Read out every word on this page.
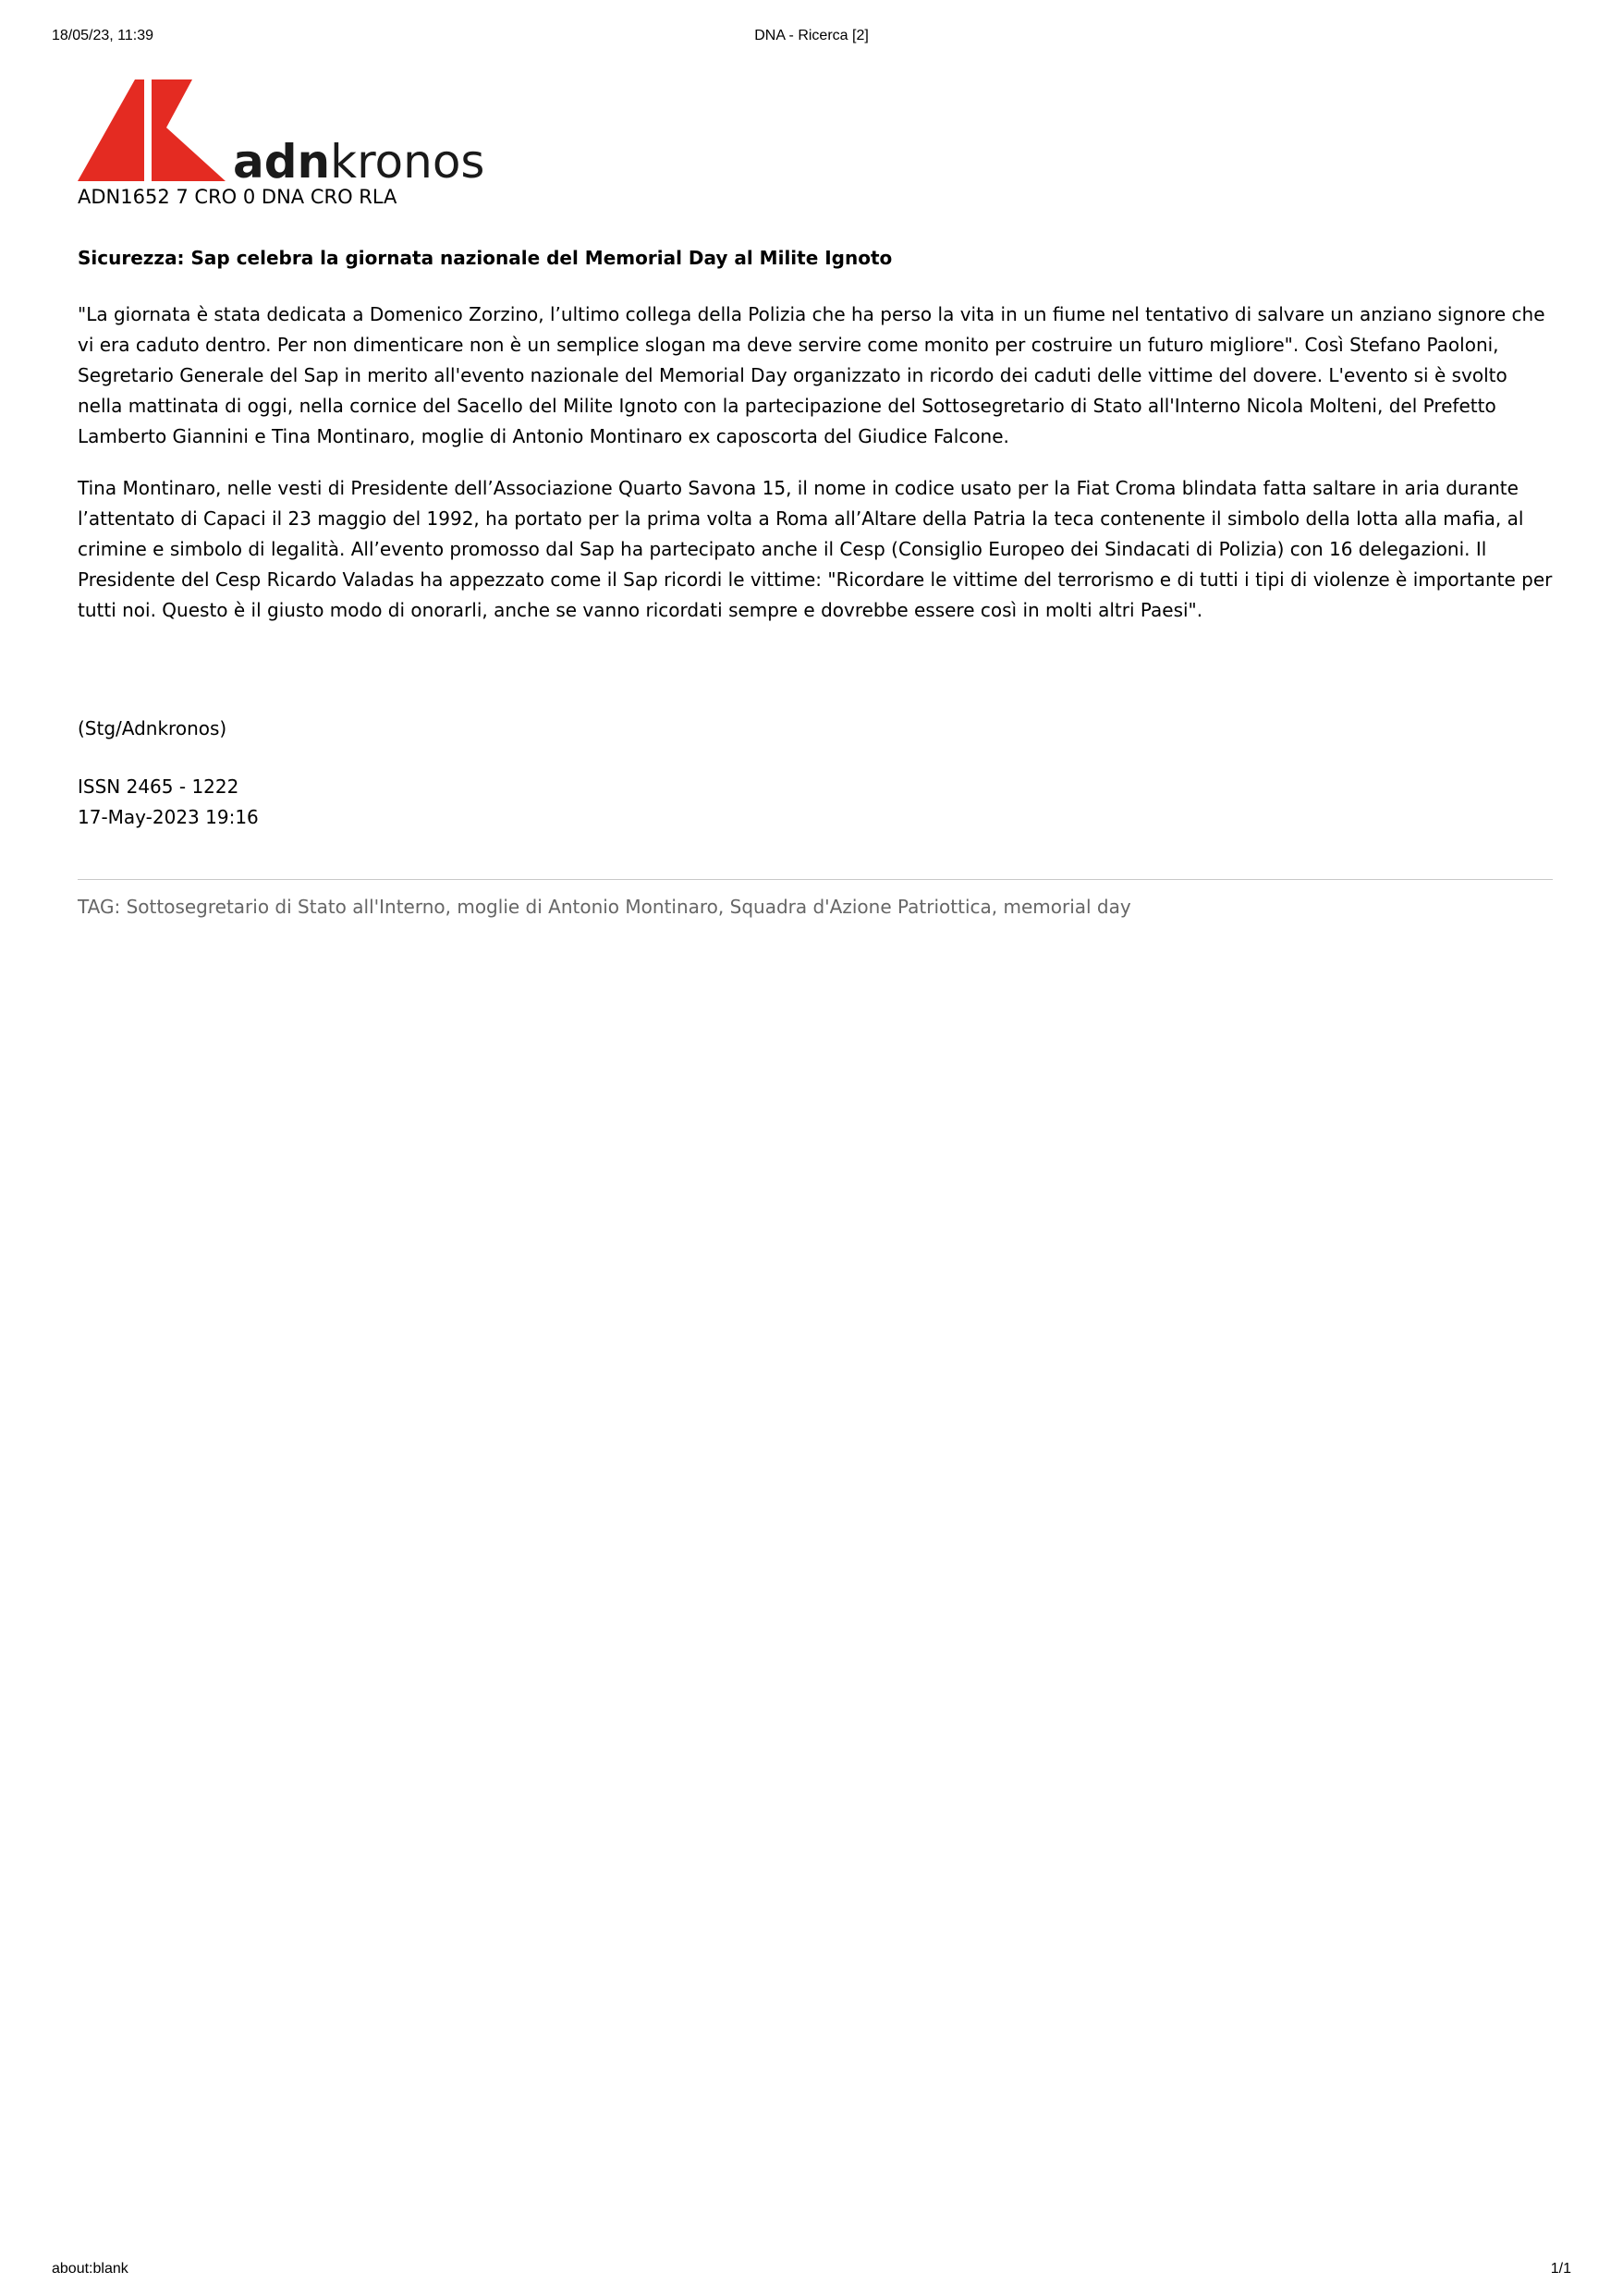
18/05/23, 11:39	DNA - Ricerca [2]
adnkronos
ADN1652 7 CRO 0 DNA CRO RLA
Sicurezza: Sap celebra la giornata nazionale del Memorial Day al Milite Ignoto
"La giornata è stata dedicata a Domenico Zorzino, l’ultimo collega della Polizia che ha perso la vita in un fiume nel tentativo di salvare un anziano signore che vi era caduto dentro. Per non dimenticare non è un semplice slogan ma deve servire come monito per costruire un futuro migliore". Così Stefano Paoloni, Segretario Generale del Sap in merito all'evento nazionale del Memorial Day organizzato in ricordo dei caduti delle vittime del dovere. L'evento si è svolto nella mattinata di oggi, nella cornice del Sacello del Milite Ignoto con la partecipazione del Sottosegretario di Stato all'Interno Nicola Molteni, del Prefetto Lamberto Giannini e Tina Montinaro, moglie di Antonio Montinaro ex caposcorta del Giudice Falcone.
Tina Montinaro, nelle vesti di Presidente dell’Associazione Quarto Savona 15, il nome in codice usato per la Fiat Croma blindata fatta saltare in aria durante l’attentato di Capaci il 23 maggio del 1992, ha portato per la prima volta a Roma all’Altare della Patria la teca contenente il simbolo della lotta alla mafia, al crimine e simbolo di legalità. All’evento promosso dal Sap ha partecipato anche il Cesp (Consiglio Europeo dei Sindacati di Polizia) con 16 delegazioni. Il Presidente del Cesp Ricardo Valadas ha appezzato come il Sap ricordi le vittime: "Ricordare le vittime del terrorismo e di tutti i tipi di violenze è importante per tutti noi. Questo è il giusto modo di onorarli, anche se vanno ricordati sempre e dovrebbe essere così in molti altri Paesi".
(Stg/Adnkronos)
ISSN 2465 - 1222
17-May-2023 19:16
TAG: Sottosegretario di Stato all'Interno, moglie di Antonio Montinaro, Squadra d'Azione Patriottica, memorial day
about:blank	1/1
